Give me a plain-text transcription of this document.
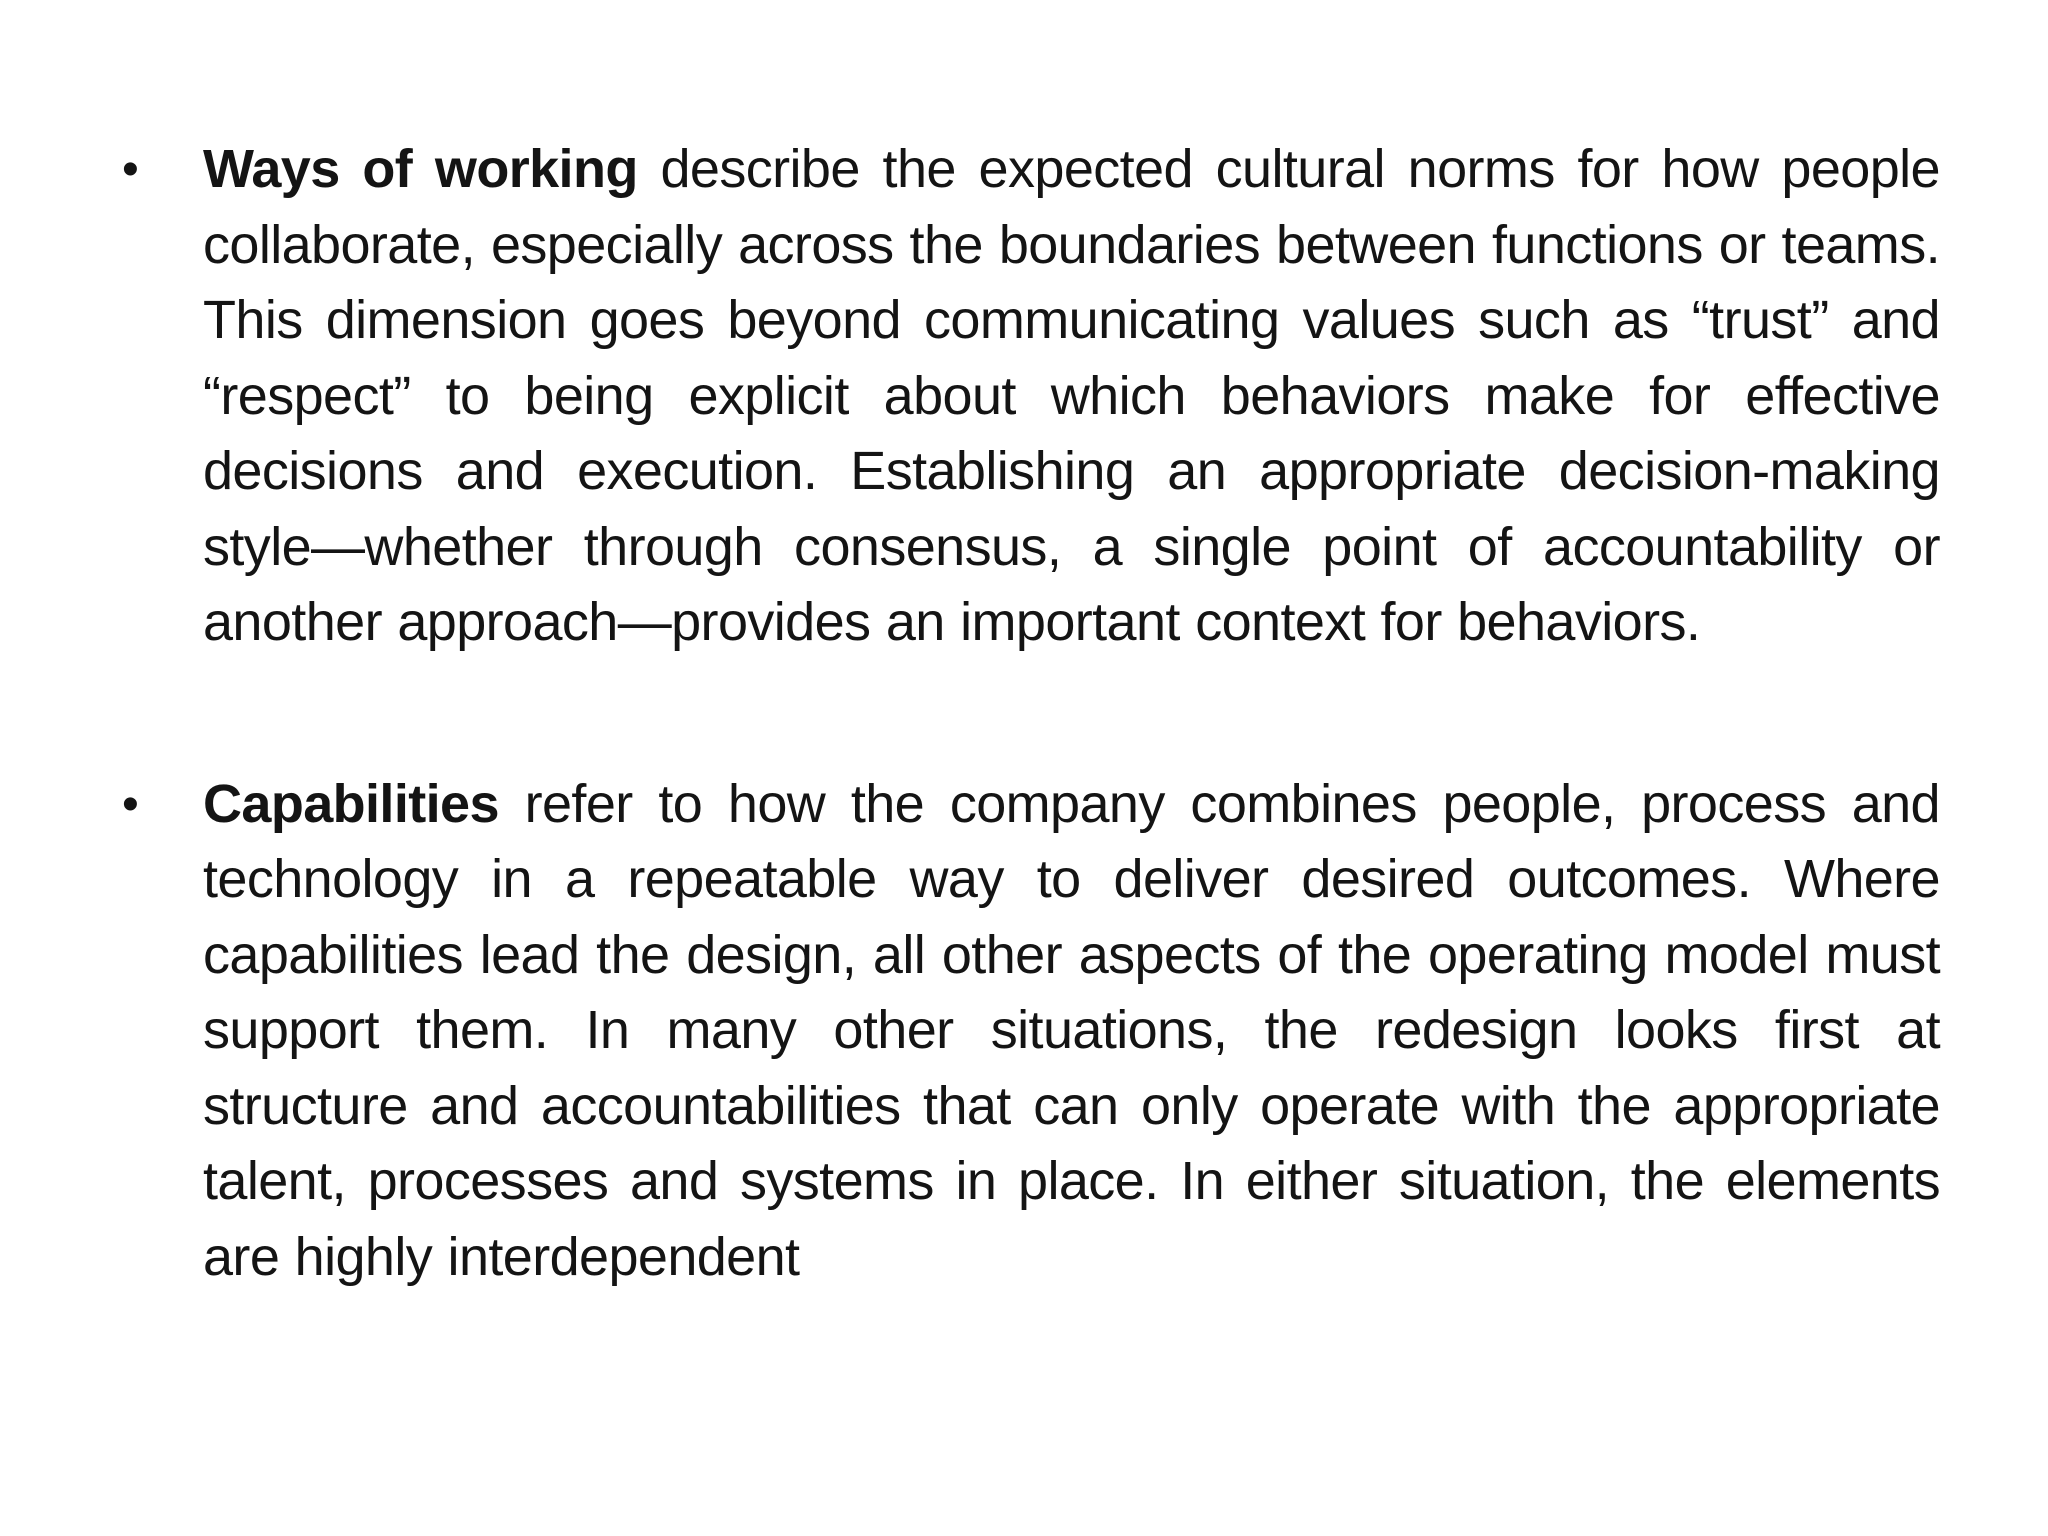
•	Ways of working describe the expected cultural norms for how people collaborate, especially across the boundaries between functions or teams. This dimension goes beyond communicating values such as “trust” and “respect” to being explicit about which behaviors make for effective decisions and execution. Establishing an appropriate decision-making style—whether through consensus, a single point of accountability or another approach—provides an important context for behaviors.
•	Capabilities refer to how the company combines people, process and technology in a repeatable way to deliver desired outcomes. Where capabilities lead the design, all other aspects of the operating model must support them. In many other situations, the redesign looks first at structure and accountabilities that can only operate with the appropriate talent, processes and systems in place. In either situation, the elements are highly interdependent
